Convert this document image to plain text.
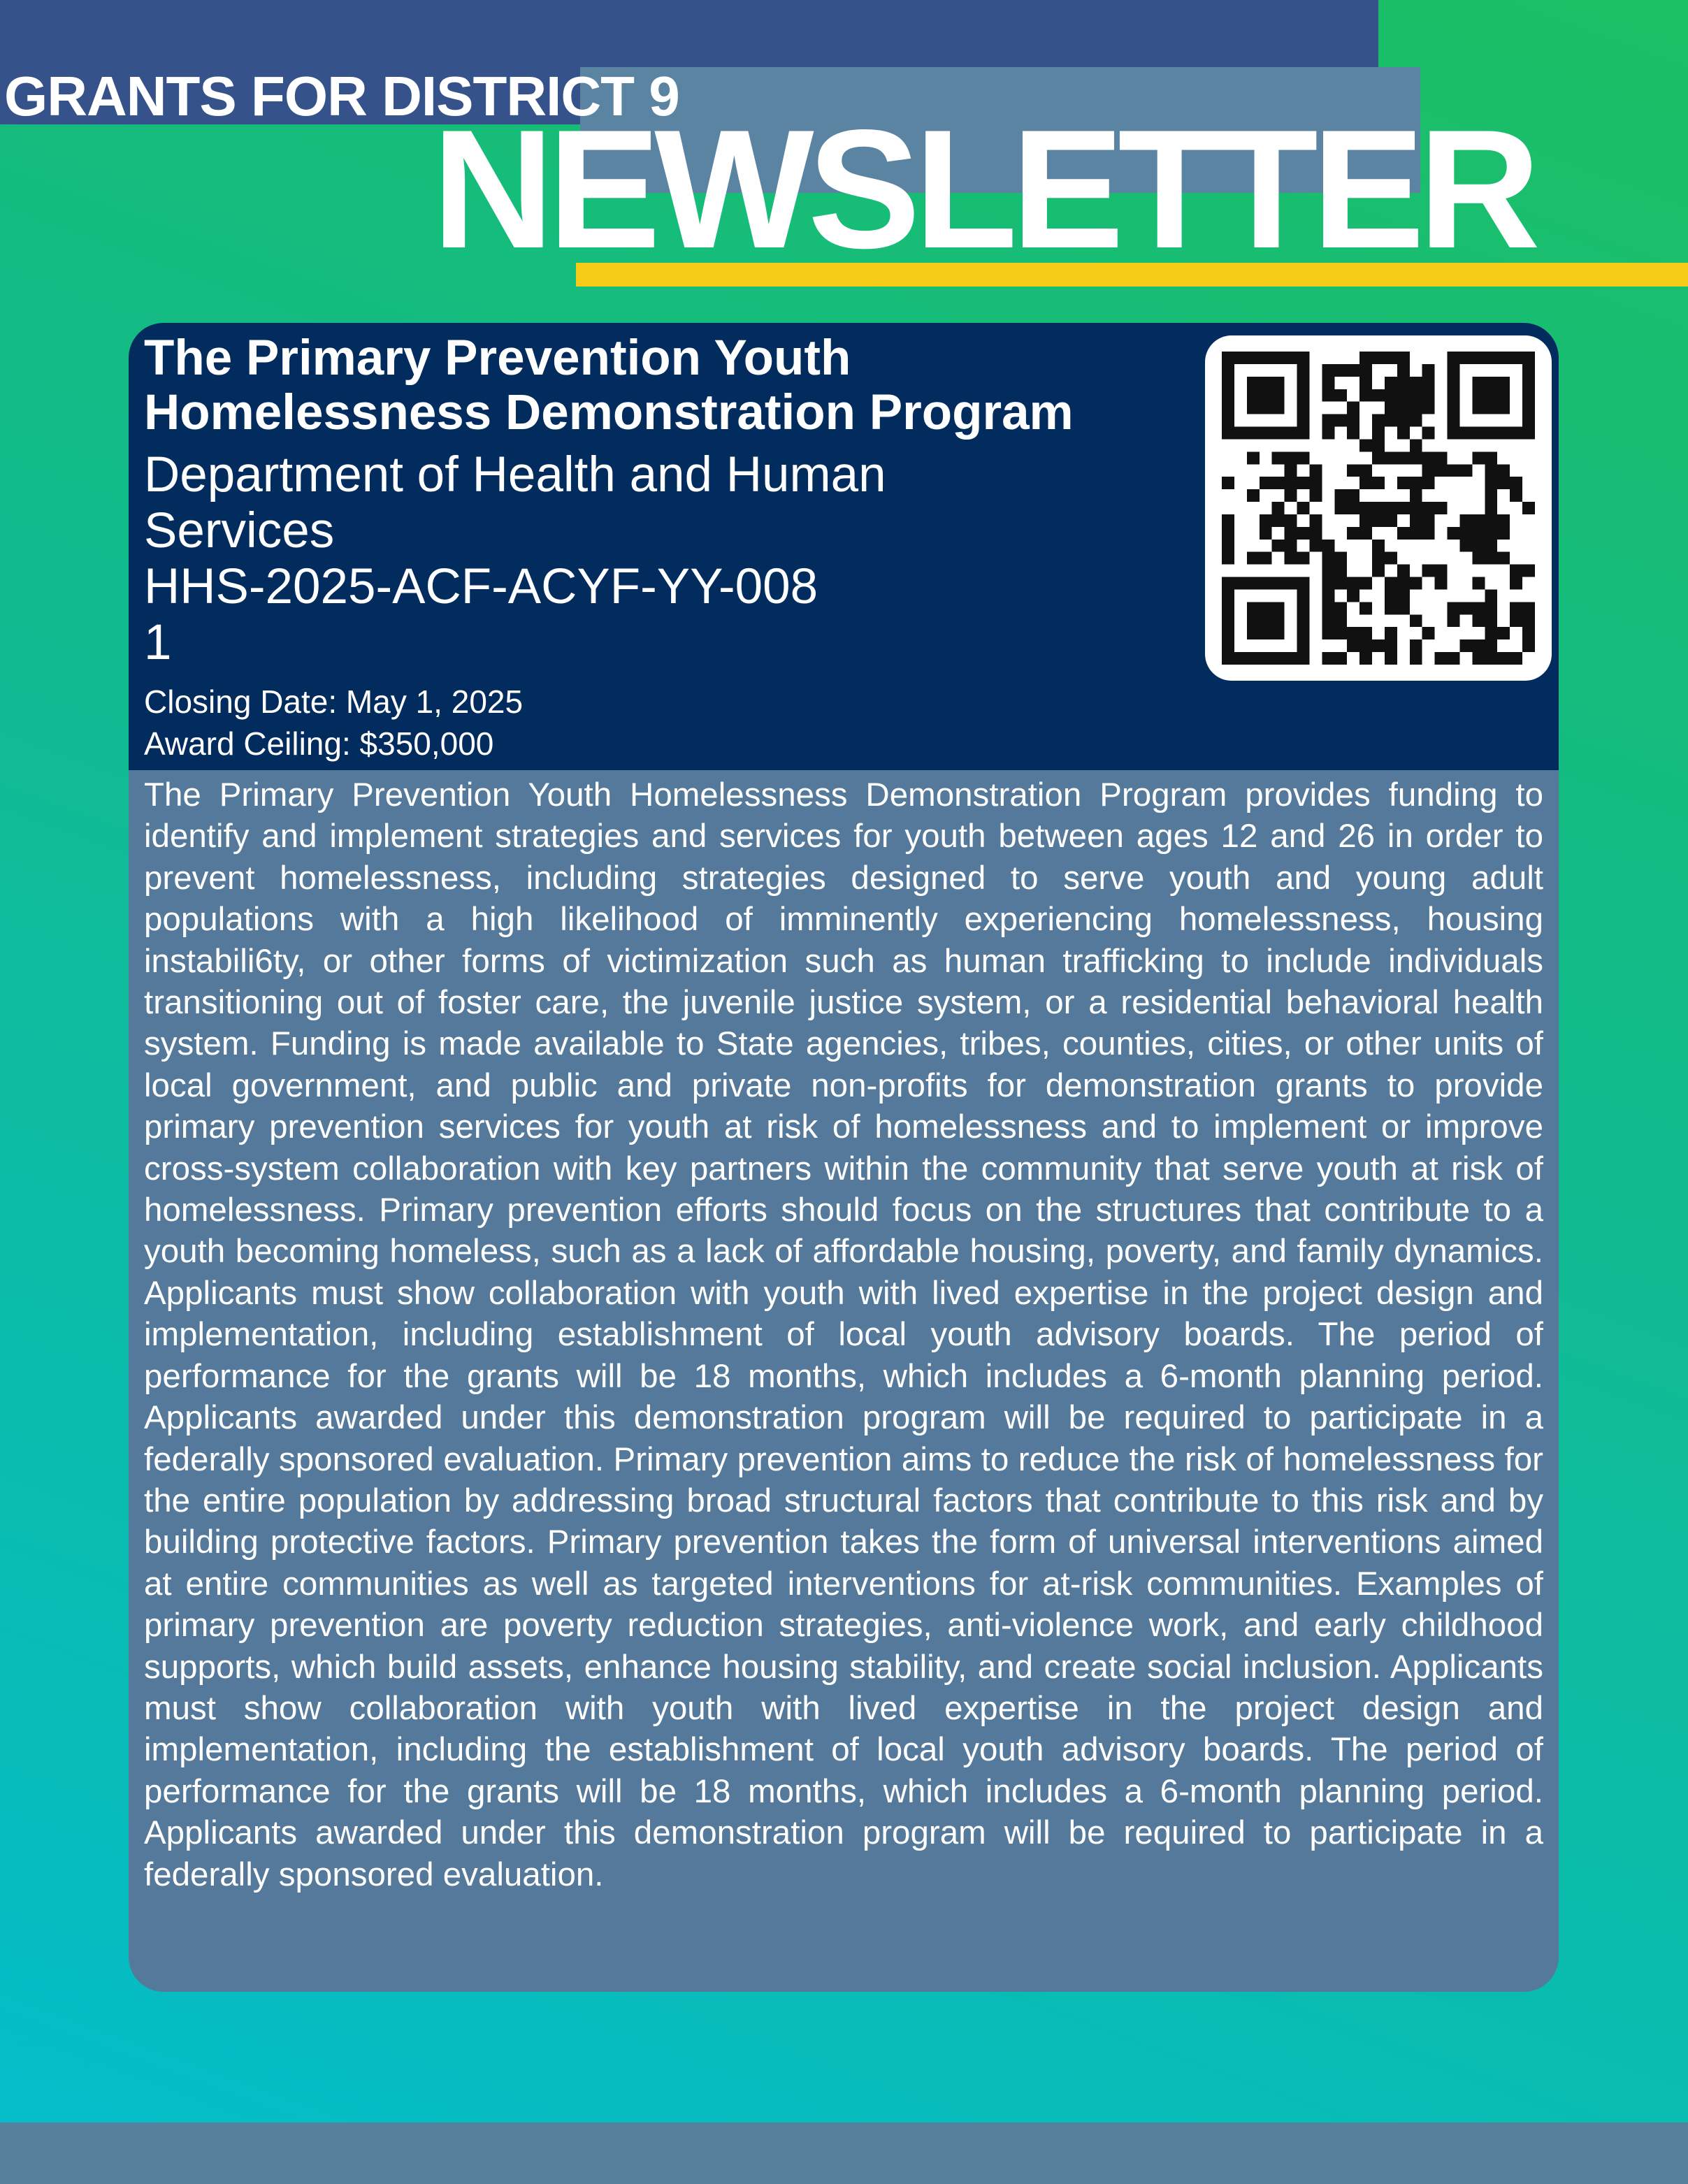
GRANTS FOR DISTRICT 9
NEWSLETTER
The Primary Prevention Youth Homelessness Demonstration Program
Department of Health and Human Services
HHS-2025-ACF-ACYF-YY-0081
Closing Date: May 1, 2025
Award Ceiling: $350,000

The Primary Prevention Youth Homelessness Demonstration Program provides funding to identify and implement strategies and services for youth between ages 12 and 26 in order to prevent homelessness, including strategies designed to serve youth and young adult populations with a high likelihood of imminently experiencing homelessness, housing instabili6ty, or other forms of victimization such as human trafficking to include individuals transitioning out of foster care, the juvenile justice system, or a residential behavioral health system. Funding is made available to State agencies, tribes, counties, cities, or other units of local government, and public and private non-profits for demonstration grants to provide primary prevention services for youth at risk of homelessness and to implement or improve cross-system collaboration with key partners within the community that serve youth at risk of homelessness. Primary prevention efforts should focus on the structures that contribute to a youth becoming homeless, such as a lack of affordable housing, poverty, and family dynamics. Applicants must show collaboration with youth with lived expertise in the project design and implementation, including establishment of local youth advisory boards. The period of performance for the grants will be 18 months, which includes a 6-month planning period. Applicants awarded under this demonstration program will be required to participate in a federally sponsored evaluation. Primary prevention aims to reduce the risk of homelessness for the entire population by addressing broad structural factors that contribute to this risk and by building protective factors. Primary prevention takes the form of universal interventions aimed at entire communities as well as targeted interventions for at-risk communities. Examples of primary prevention are poverty reduction strategies, anti-violence work, and early childhood supports, which build assets, enhance housing stability, and create social inclusion. Applicants must show collaboration with youth with lived expertise in the project design and implementation, including the establishment of local youth advisory boards. The period of performance for the grants will be 18 months, which includes a 6-month planning period. Applicants awarded under this demonstration program will be required to participate in a federally sponsored evaluation.
